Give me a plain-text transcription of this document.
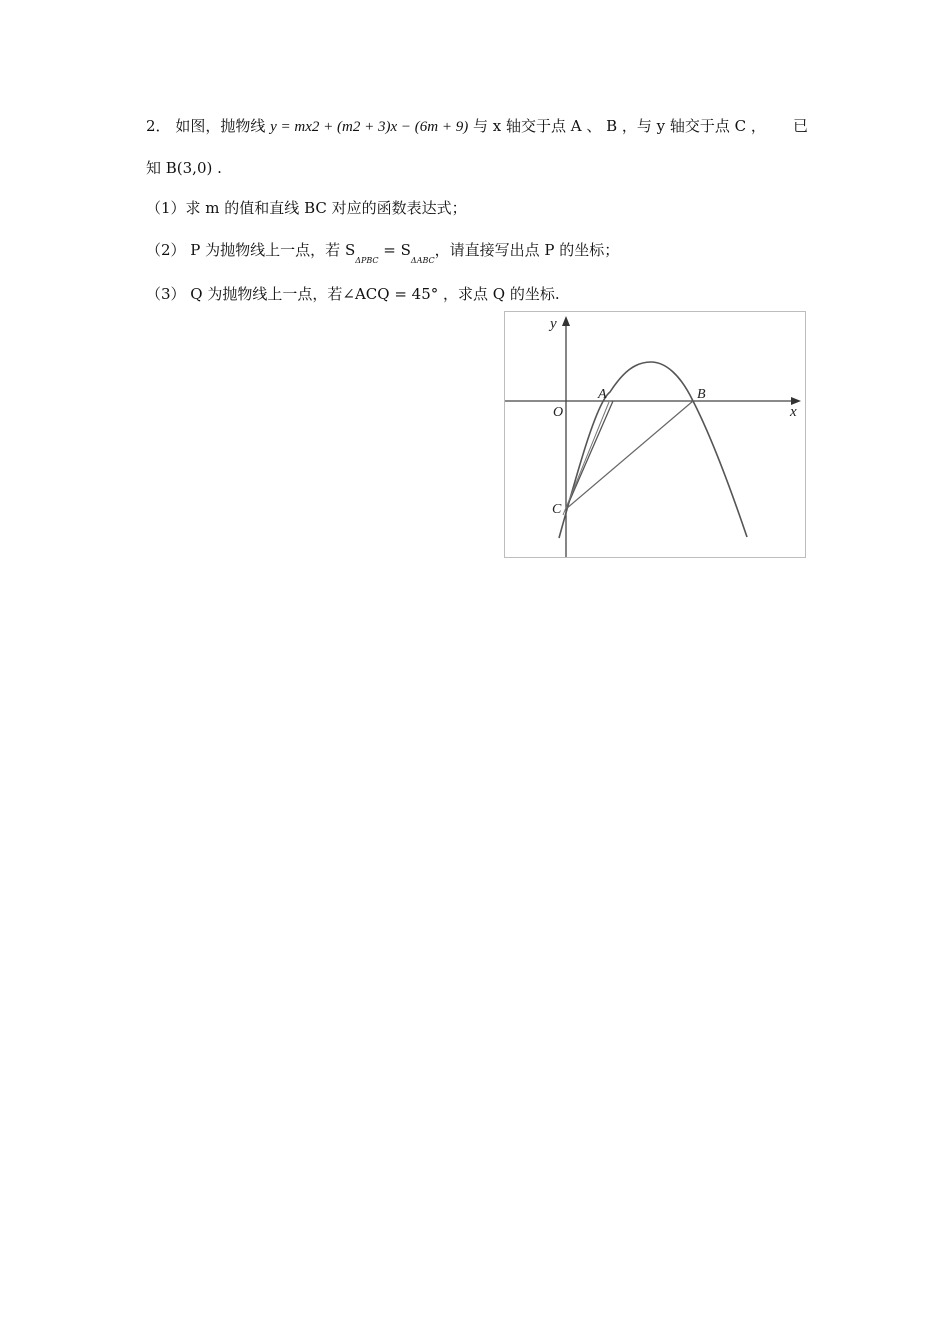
2． 如图，抛物线 y = mx2 + (m2 + 3)x − (6m + 9) 与 x 轴交于点 A 、 B ，与 y 轴交于点 C ， 已
知 B(3,0) .
（1）求 m 的值和直线 BC 对应的函数表达式；
（2） P 为抛物线上一点，若 $S_{\Delta PBC} = S_{\Delta ABC}$，请直接写出点 P 的坐标；
（3） Q 为抛物线上一点，若∠ACQ = 45° ，求点 Q 的坐标.
y
x
O
A	B
C
